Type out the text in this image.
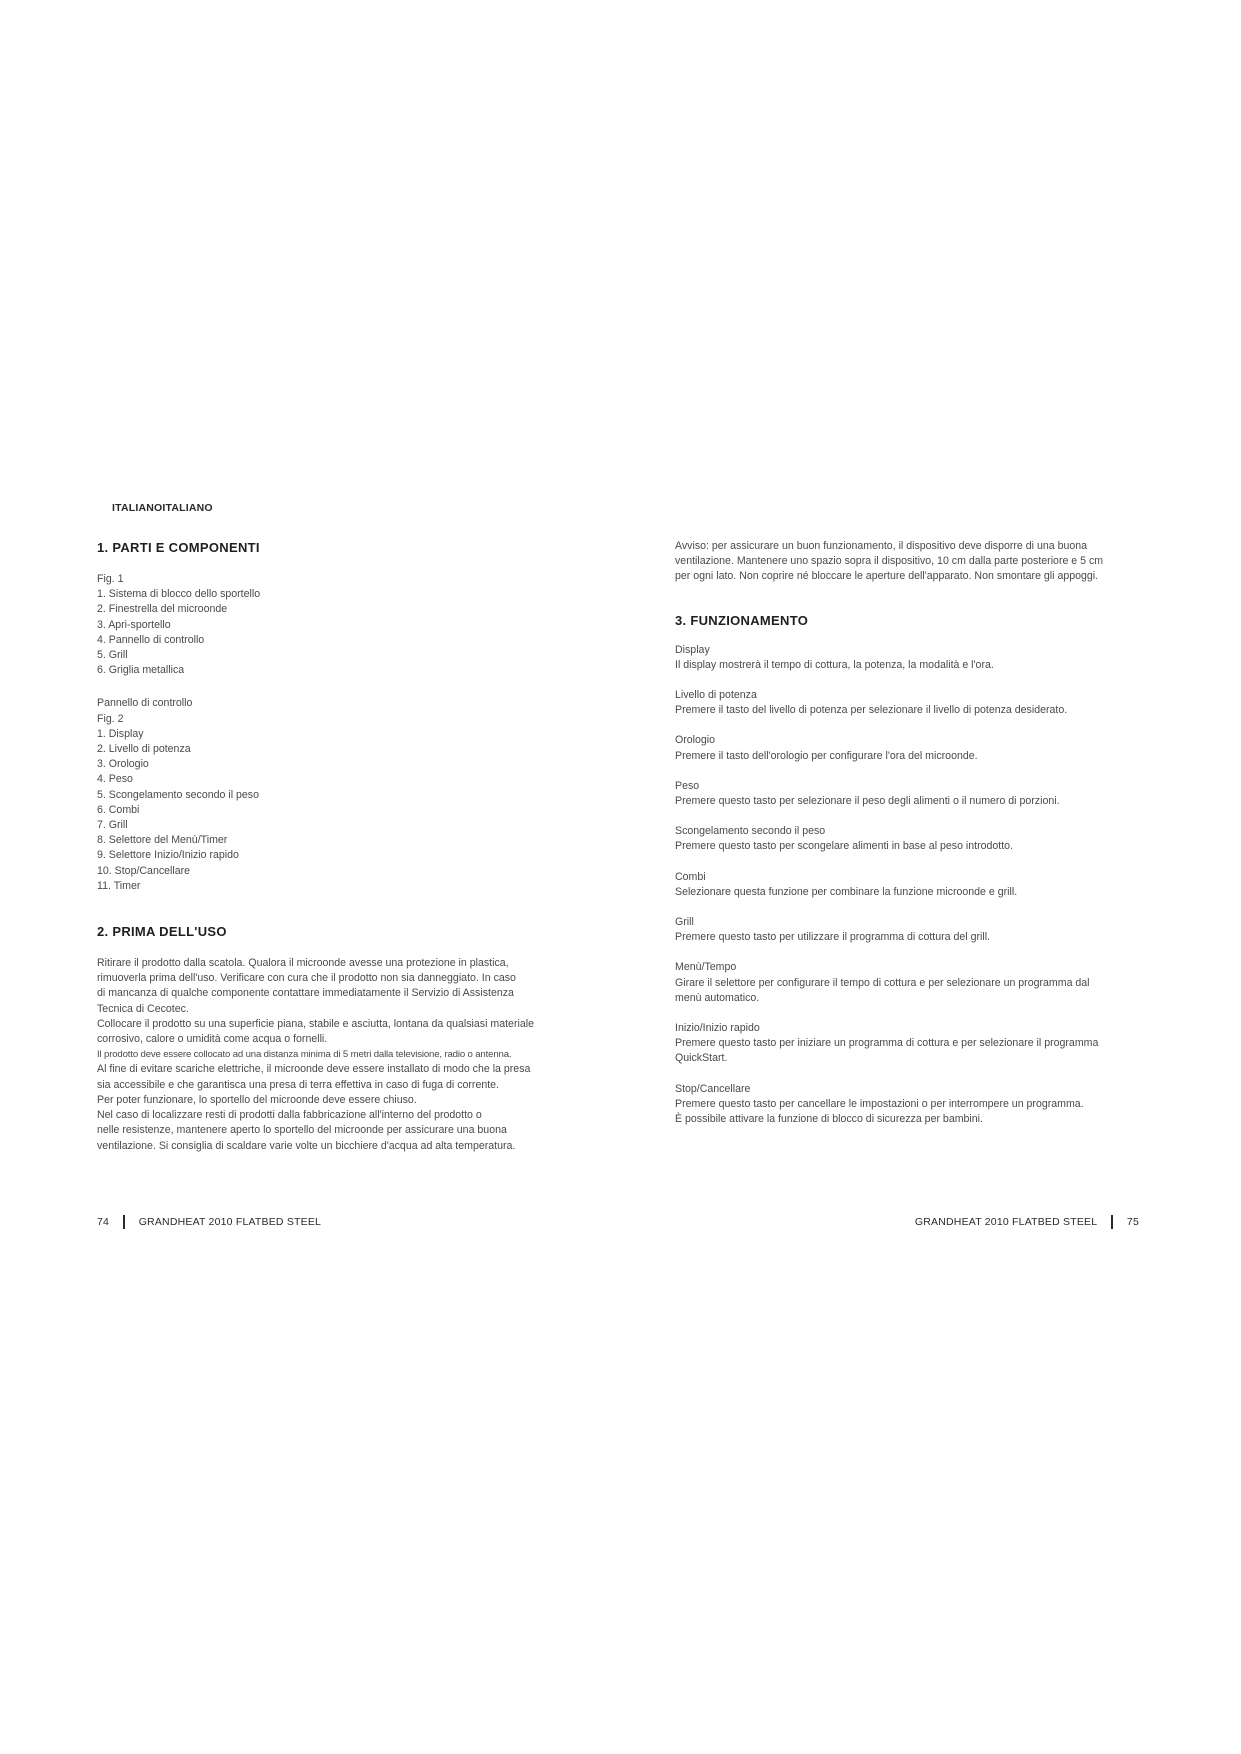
ITALIANOITALIANO
1. PARTI E COMPONENTI
Fig. 1
1. Sistema di blocco dello sportello
2. Finestrella del microonde
3. Apri-sportello
4. Pannello di controllo
5. Grill
6. Griglia metallica
Pannello di controllo
Fig. 2
1. Display
2. Livello di potenza
3. Orologio
4. Peso
5. Scongelamento secondo il peso
6. Combi
7. Grill
8. Selettore del Menù/Timer
9. Selettore Inizio/Inizio rapido
10. Stop/Cancellare
11. Timer
2. PRIMA DELL'USO
Ritirare il prodotto dalla scatola. Qualora il microonde avesse una protezione in plastica,
rimuoverla prima dell'uso. Verificare con cura che il prodotto non sia danneggiato. In caso
di mancanza di qualche componente contattare immediatamente il Servizio di Assistenza
Tecnica di Cecotec.
Collocare il prodotto su una superficie piana, stabile e asciutta, lontana da qualsiasi materiale
corrosivo, calore o umidità come acqua o fornelli.
Il prodotto deve essere collocato ad una distanza minima di 5 metri dalla televisione, radio o antenna.
Al fine di evitare scariche elettriche, il microonde deve essere installato di modo che la presa
sia accessibile e che garantisca una presa di terra effettiva in caso di fuga di corrente.
Per poter funzionare, lo sportello del microonde deve essere chiuso.
Nel caso di localizzare resti di prodotti dalla fabbricazione all'interno del prodotto o
nelle resistenze, mantenere aperto lo sportello del microonde per assicurare una buona
ventilazione. Si consiglia di scaldare varie volte un bicchiere d'acqua ad alta temperatura.
Avviso: per assicurare un buon funzionamento, il dispositivo deve disporre di una buona
ventilazione. Mantenere uno spazio sopra il dispositivo, 10 cm dalla parte posteriore e 5 cm
per ogni lato. Non coprire né bloccare le aperture dell'apparato. Non smontare gli appoggi.
3. FUNZIONAMENTO
Display
Il display mostrerà il tempo di cottura, la potenza, la modalità e l'ora.
Livello di potenza
Premere il tasto del livello di potenza per selezionare il livello di potenza desiderato.
Orologio
Premere il tasto dell'orologio per configurare l'ora del microonde.
Peso
Premere questo tasto per selezionare il peso degli alimenti o il numero di porzioni.
Scongelamento secondo il peso
Premere questo tasto per scongelare alimenti in base al peso introdotto.
Combi
Selezionare questa funzione per combinare la funzione microonde e grill.
Grill
Premere questo tasto per utilizzare il programma di cottura del grill.
Menù/Tempo
Girare il selettore per configurare il tempo di cottura e per selezionare un programma dal
menù automatico.
Inizio/Inizio rapido
Premere questo tasto per iniziare un programma di cottura e per selezionare il programma
QuickStart.
Stop/Cancellare
Premere questo tasto per cancellare le impostazioni o per interrompere un programma.
È possibile attivare la funzione di blocco di sicurezza per bambini.
74	GRANDHEAT 2010 FLATBED STEEL	GRANDHEAT 2010 FLATBED STEEL	75
